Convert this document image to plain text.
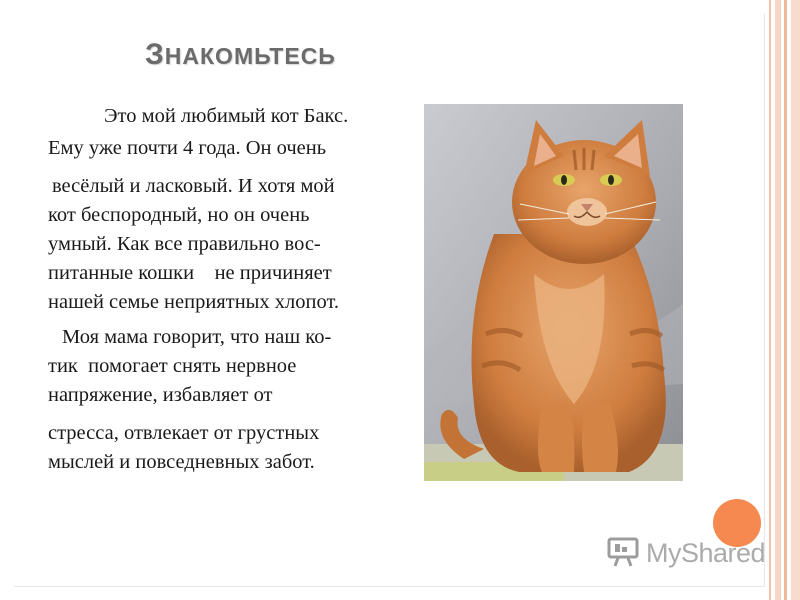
ЗНАКОМЬТЕСЬ

Это мой любимый кот Бакс.

Ему уже почти 4 года. Он очень

весёлый и ласковый. И хотя мой

кот беспородный, но он очень

умный. Как все правильно вос-

питанные кошки    не причиняет

нашей семье неприятных хлопот.

Моя мама говорит, что наш ко-

тик  помогает снять нервное

напряжение, избавляет от

стресса, отвлекает от грустных

мыслей и повседневных забот.

MyShared
